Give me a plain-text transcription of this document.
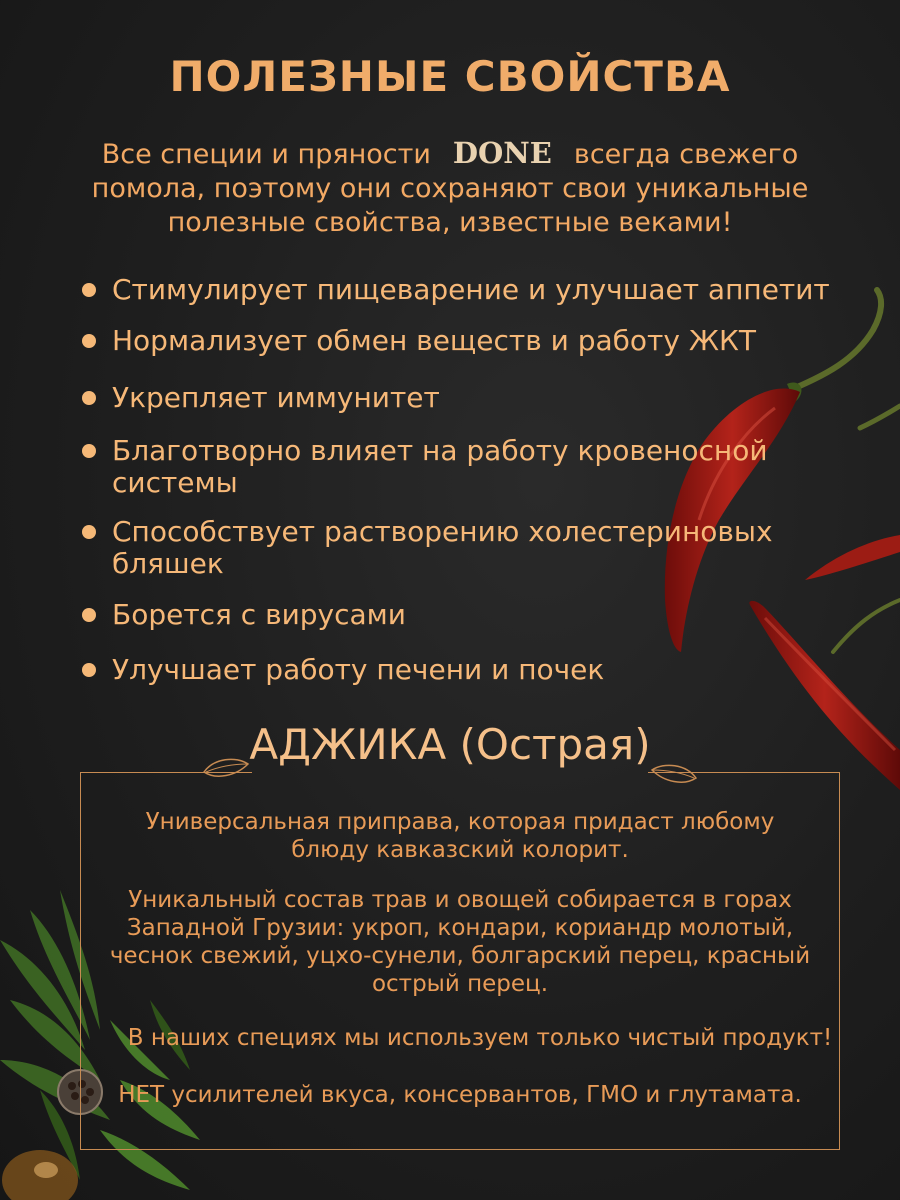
ПОЛЕЗНЫЕ СВОЙСТВА
Все специи и пряности DONE всегда свежего
помола, поэтому они сохраняют свои уникальные
полезные свойства, известные веками!
Стимулирует пищеварение и улучшает аппетит
Нормализует обмен веществ и работу ЖКТ
Укрепляет иммунитет
Благотворно влияет на работу кровеносной
системы
Способствует растворению холестериновых
бляшек
Борется с вирусами
Улучшает работу печени и почек
АДЖИКА (Острая)
Универсальная приправа, которая придаст любому
блюду кавказский колорит.
Уникальный состав трав и овощей собирается в горах
Западной Грузии: укроп, кондари, кориандр молотый,
чеснок свежий, уцхо-сунели, болгарский перец, красный
острый перец.
В наших специях мы используем только чистый продукт!
НЕТ усилителей вкуса, консервантов, ГМО и глутамата.
